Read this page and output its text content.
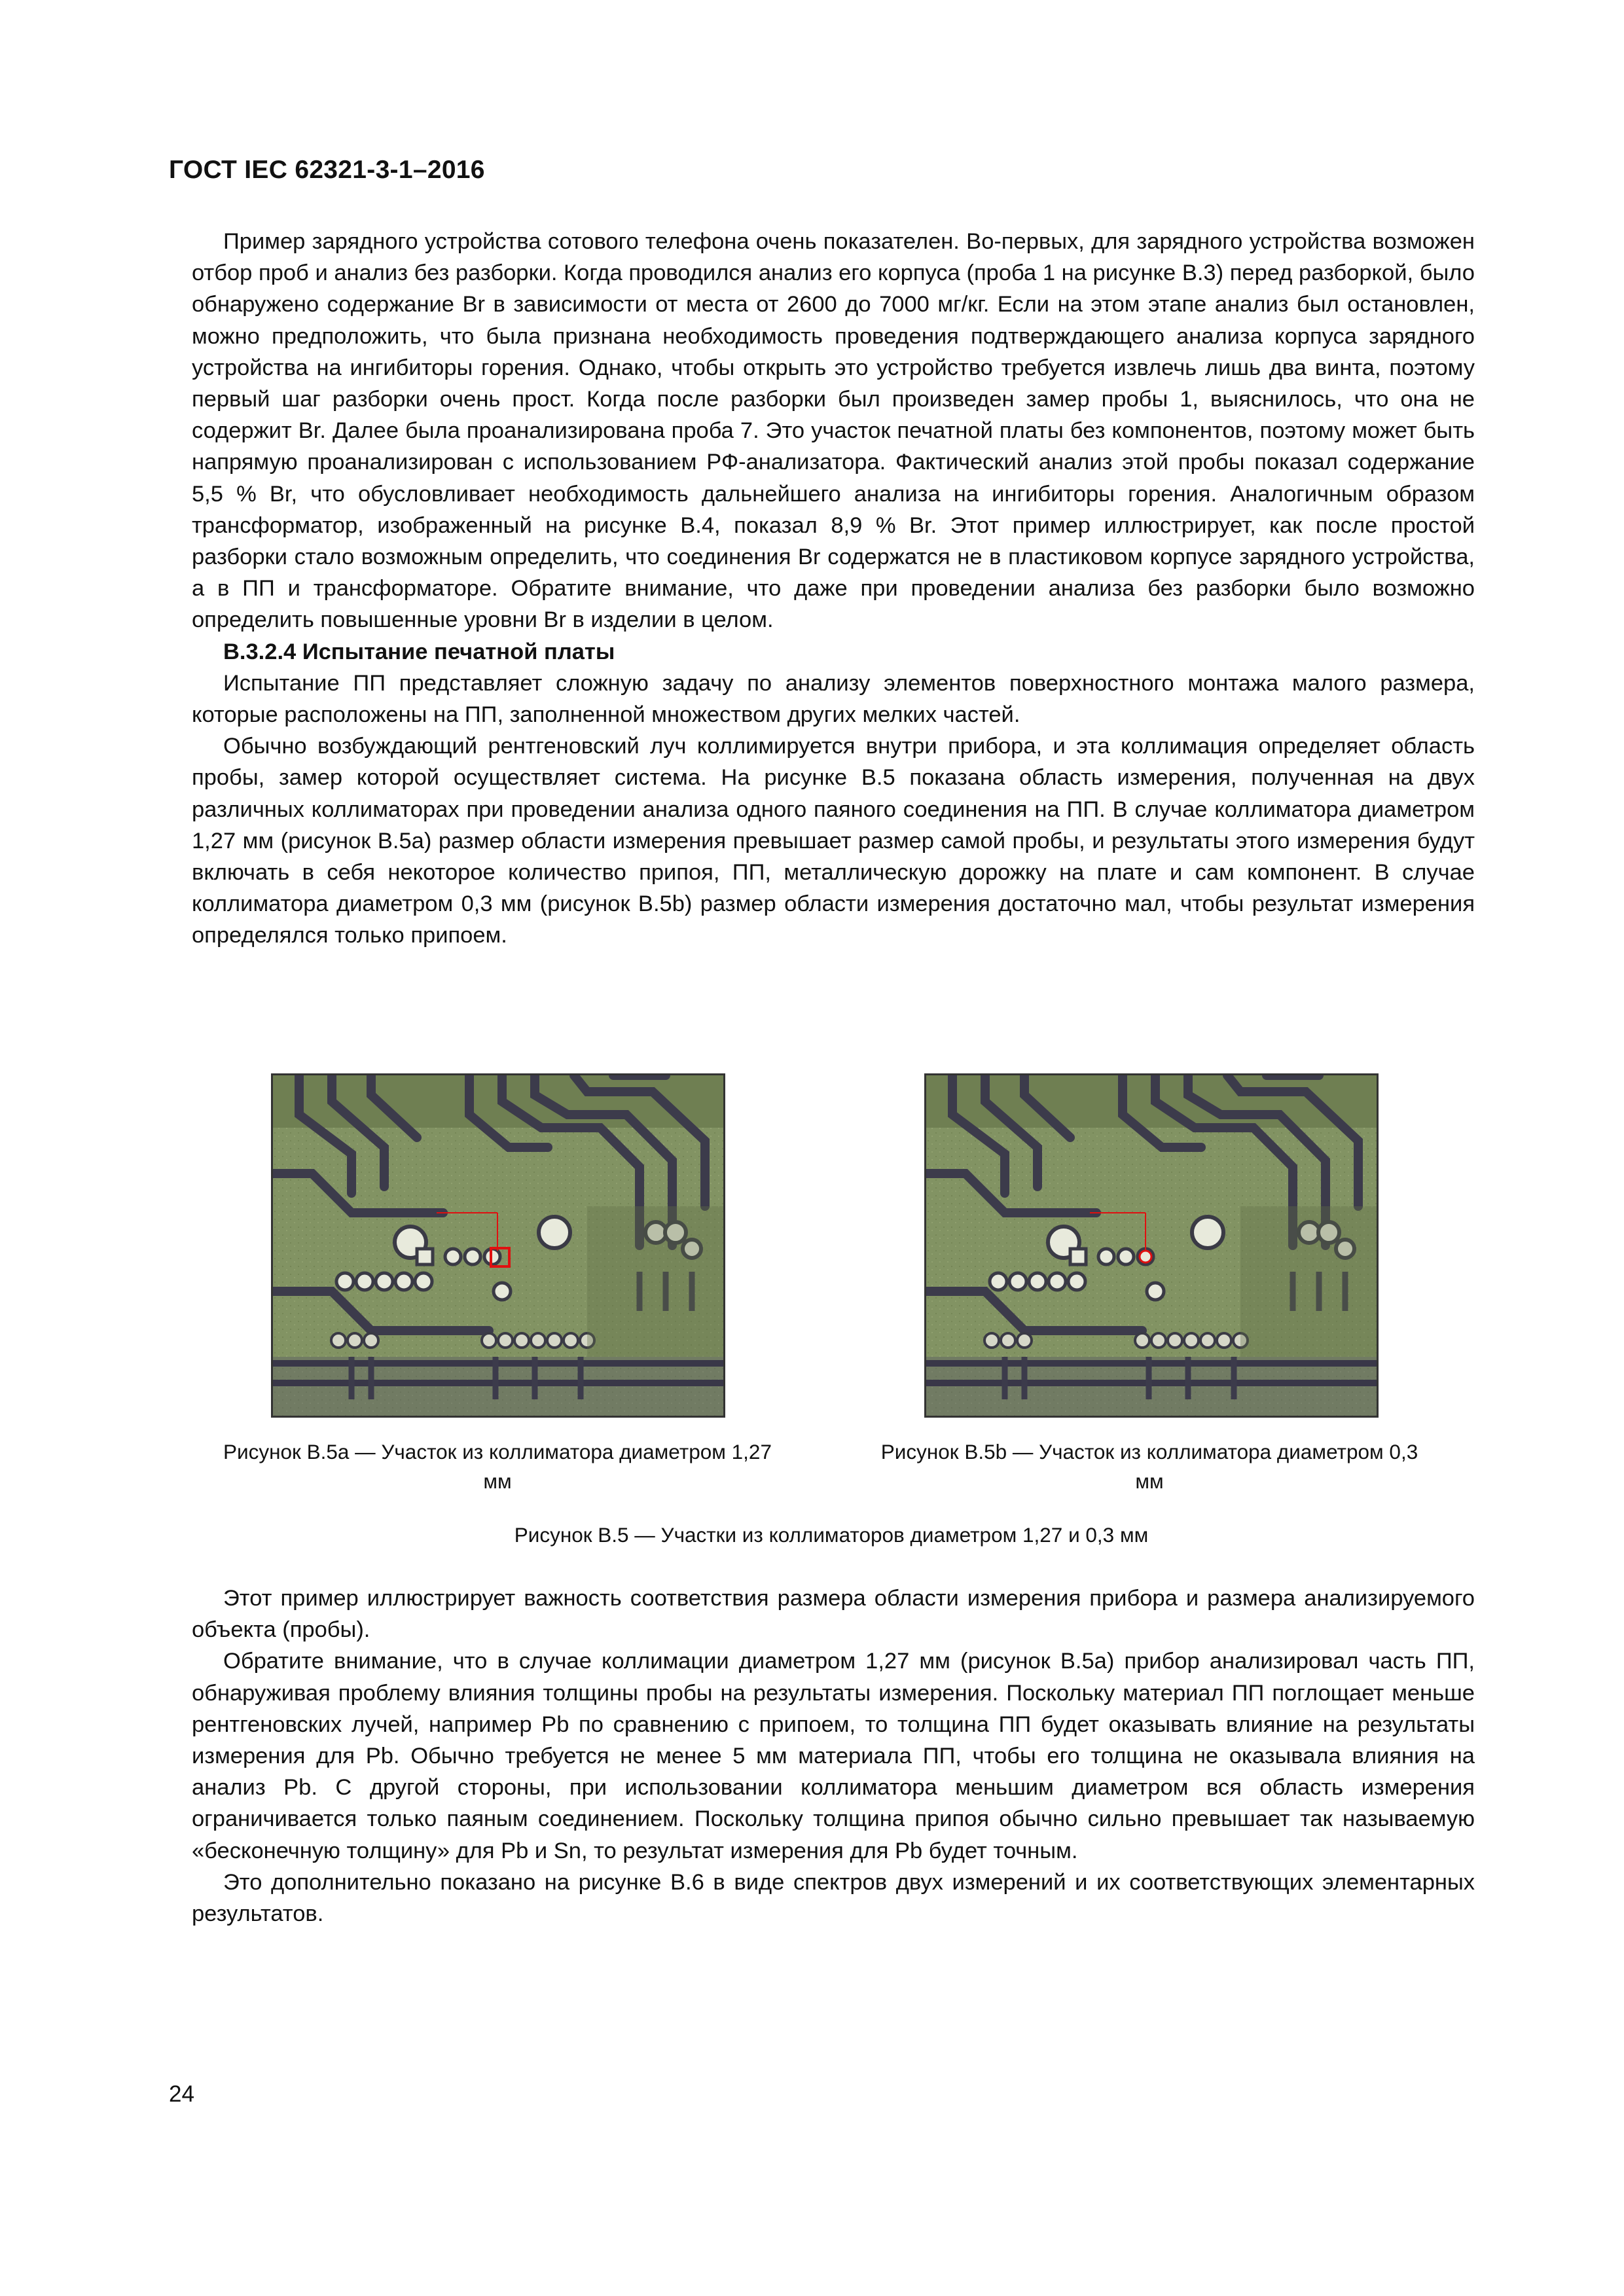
ГОСТ IEC 62321-3-1–2016

Пример зарядного устройства сотового телефона очень показателен. Во-первых, для зарядного устройства возможен отбор проб и анализ без разборки. Когда проводился анализ его корпуса (проба 1 на рисунке В.3) перед разборкой, было обнаружено содержание Br в зависимости от места от 2600 до 7000 мг/кг. Если на этом этапе анализ был остановлен, можно предположить, что была признана необходимость проведения подтверждающего анализа корпуса зарядного устройства на ингибиторы горения. Однако, чтобы открыть это устройство требуется извлечь лишь два винта, поэтому первый шаг разборки очень прост. Когда после разборки был произведен замер пробы 1, выяснилось, что она не содержит Br. Далее была проанализирована проба 7. Это участок печатной платы без компонентов, поэтому может быть напрямую проанализирован с использованием РФ-анализатора. Фактический анализ этой пробы показал содержание 5,5 % Br, что обусловливает необходимость дальнейшего анализа на ингибиторы горения. Аналогичным образом трансформатор, изображенный на рисунке В.4, показал 8,9 % Br. Этот пример иллюстрирует, как после простой разборки стало возможным определить, что соединения Br содержатся не в пластиковом корпусе зарядного устройства, а в ПП и трансформаторе. Обратите внимание, что даже при проведении анализа без разборки было возможно определить повышенные уровни Br в изделии в целом.

В.3.2.4 Испытание печатной платы

Испытание ПП представляет сложную задачу по анализу элементов поверхностного монтажа малого размера, которые расположены на ПП, заполненной множеством других мелких частей.

Обычно возбуждающий рентгеновский луч коллимируется внутри прибора, и эта коллимация определяет область пробы, замер которой осуществляет система. На рисунке В.5 показана область измерения, полученная на двух различных коллиматорах при проведении анализа одного паяного соединения на ПП. В случае коллиматора диаметром 1,27 мм (рисунок В.5а) размер области измерения превышает размер самой пробы, и результаты этого измерения будут включать в себя некоторое количество припоя, ПП, металлическую дорожку на плате и сам компонент. В случае коллиматора диаметром 0,3 мм (рисунок В.5b) размер области измерения достаточно мал, чтобы результат измерения определялся только припоем.

Рисунок В.5а — Участок из коллиматора диаметром 1,27 мм
Рисунок В.5b — Участок из коллиматора диаметром 0,3 мм
Рисунок В.5 — Участки из коллиматоров диаметром 1,27 и 0,3 мм

Этот пример иллюстрирует важность соответствия размера области измерения прибора и размера анализируемого объекта (пробы).

Обратите внимание, что в случае коллимации диаметром 1,27 мм (рисунок В.5а) прибор анализировал часть ПП, обнаруживая проблему влияния толщины пробы на результаты измерения. Поскольку материал ПП поглощает меньше рентгеновских лучей, например Pb по сравнению с припоем, то толщина ПП будет оказывать влияние на результаты измерения для Pb. Обычно требуется не менее 5 мм материала ПП, чтобы его толщина не оказывала влияния на анализ Pb. С другой стороны, при использовании коллиматора меньшим диаметром вся область измерения ограничивается только паяным соединением. Поскольку толщина припоя обычно сильно превышает так называемую «бесконечную толщину» для Pb и Sn, то результат измерения для Pb будет точным.

Это дополнительно показано на рисунке В.6 в виде спектров двух измерений и их соответствующих элементарных результатов.

24
